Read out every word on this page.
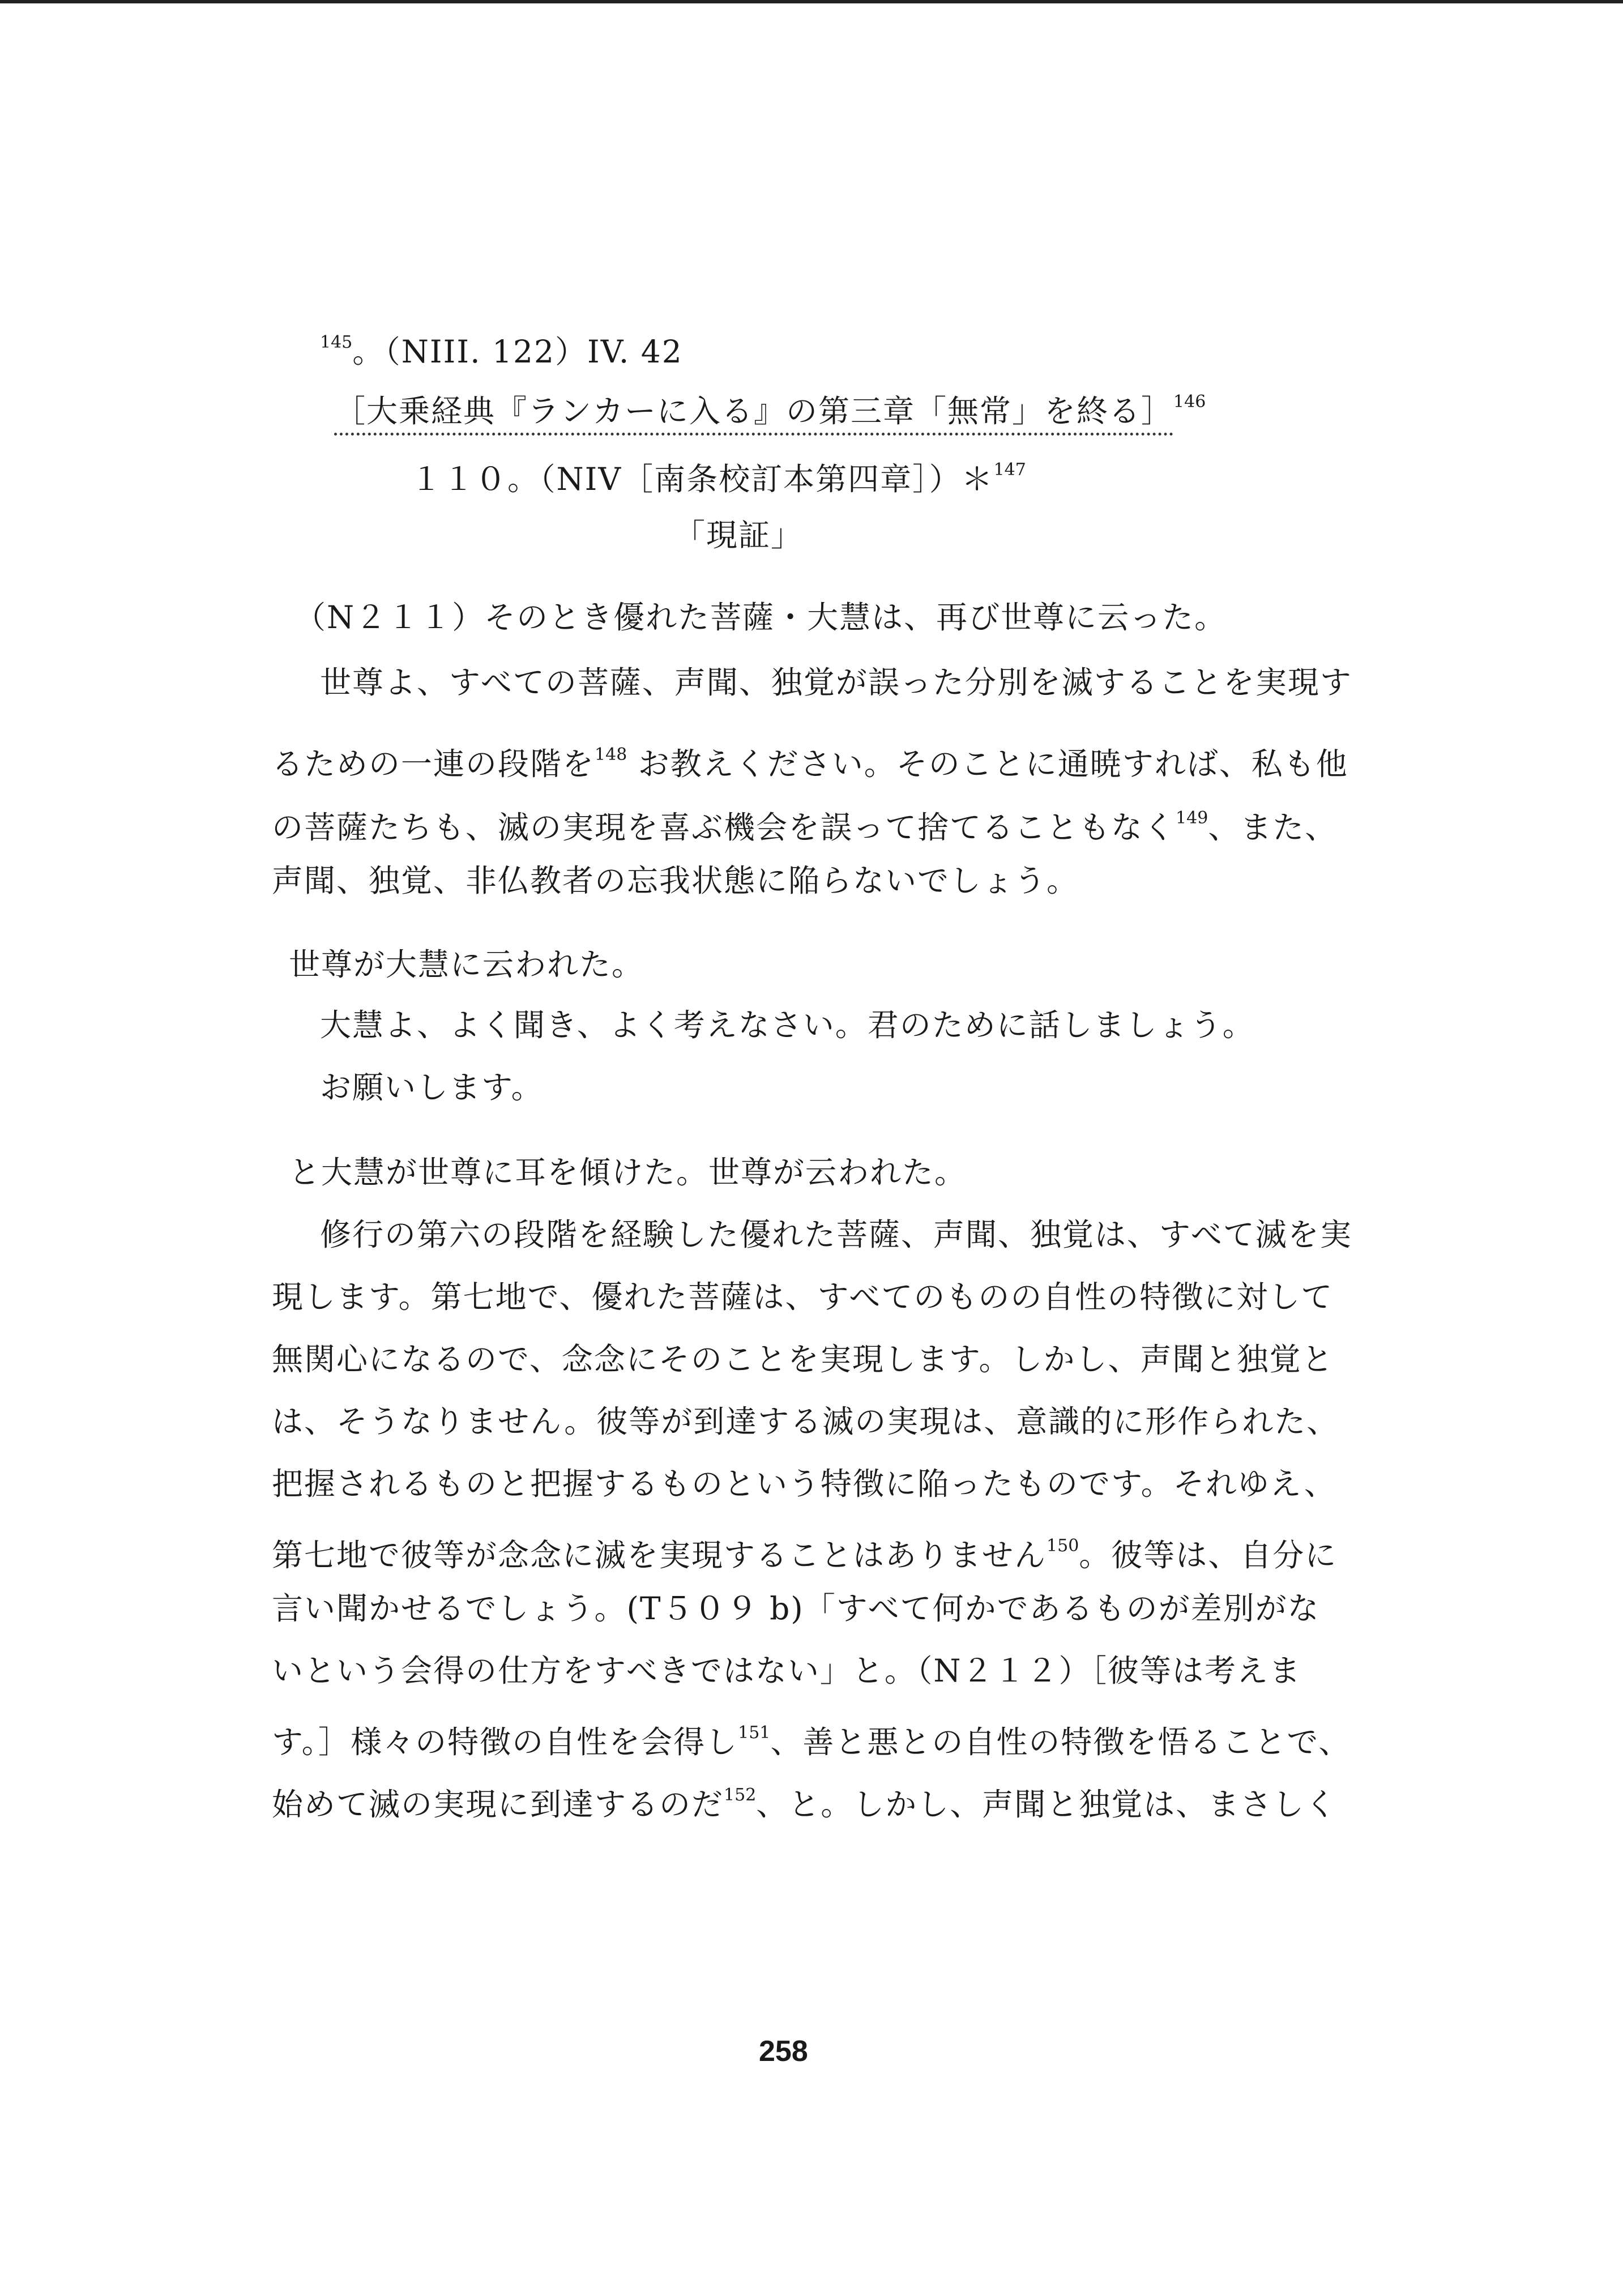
$^{145}$。（NIII. 122）IV. 42
［大乗経典『ランカーに入る』の第三章「無常」を終る］$^{146}$
１１０。（NIV［南条校訂本第四章］）＊$^{147}$
「現証」
（N２１１）そのとき優れた菩薩・大慧は、再び世尊に云った。
世尊よ、すべての菩薩、声聞、独覚が誤った分別を滅することを実現す
るための一連の段階を$^{148}$ お教えください。そのことに通暁すれば、私も他
の菩薩たちも、滅の実現を喜ぶ機会を誤って捨てることもなく$^{149}$、また、
声聞、独覚、非仏教者の忘我状態に陥らないでしょう。
世尊が大慧に云われた。
大慧よ、よく聞き、よく考えなさい。君のために話しましょう。
お願いします。
と大慧が世尊に耳を傾けた。世尊が云われた。
修行の第六の段階を経験した優れた菩薩、声聞、独覚は、すべて滅を実
現します。第七地で、優れた菩薩は、すべてのものの自性の特徴に対して
無関心になるので、念念にそのことを実現します。しかし、声聞と独覚と
は、そうなりません。彼等が到達する滅の実現は、意識的に形作られた、
把握されるものと把握するものという特徴に陥ったものです。それゆえ、
第七地で彼等が念念に滅を実現することはありません$^{150}$。彼等は、自分に
言い聞かせるでしょう。(T５０９ b)「すべて何かであるものが差別がな
いという会得の仕方をすべきではない」と。（N２１２）［彼等は考えま
す。］様々の特徴の自性を会得し$^{151}$、善と悪との自性の特徴を悟ることで、
始めて滅の実現に到達するのだ$^{152}$、と。しかし、声聞と独覚は、まさしく
258
